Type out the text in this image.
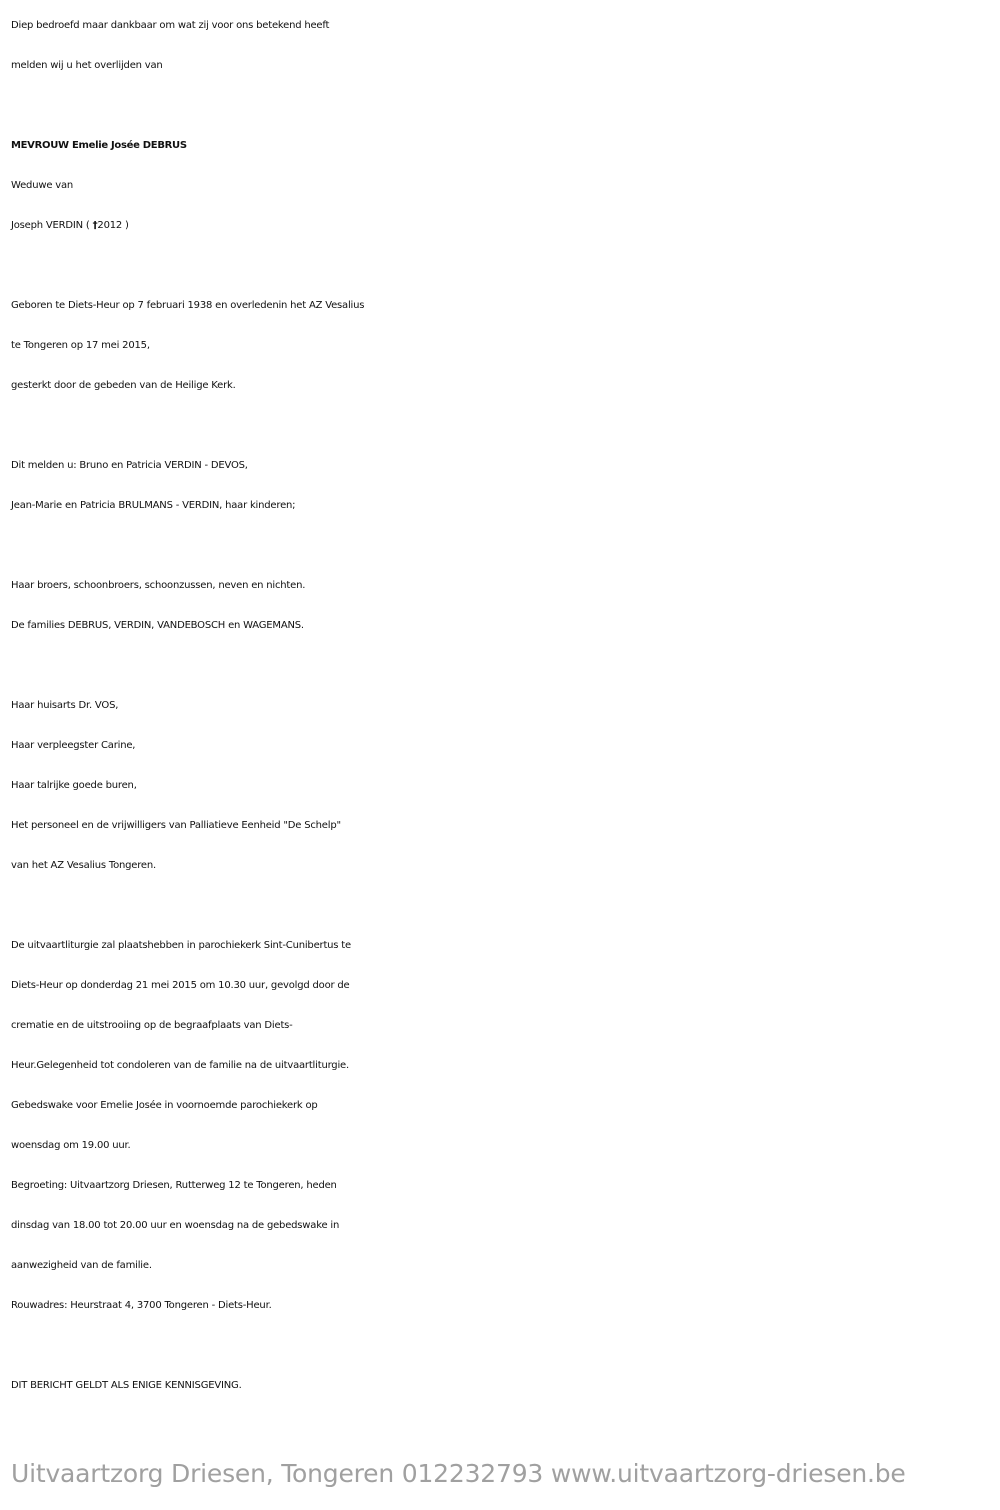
Diep bedroefd maar dankbaar om wat zij voor ons betekend heeft
melden wij u het overlijden van
MEVROUW Emelie Josée DEBRUS
Weduwe van
Joseph VERDIN ( †2012 )
Geboren te Diets-Heur op 7 februari 1938 en overledenin het AZ Vesalius
te Tongeren op 17 mei 2015,
gesterkt door de gebeden van de Heilige Kerk.
Dit melden u: Bruno en Patricia VERDIN - DEVOS,
Jean-Marie en Patricia BRULMANS - VERDIN, haar kinderen;
Haar broers, schoonbroers, schoonzussen, neven en nichten.
De families DEBRUS, VERDIN, VANDEBOSCH en WAGEMANS.
Haar huisarts Dr. VOS,
Haar verpleegster Carine,
Haar talrijke goede buren,
Het personeel en de vrijwilligers van Palliatieve Eenheid "De Schelp"
van het AZ Vesalius Tongeren.
De uitvaartliturgie zal plaatshebben in parochiekerk Sint-Cunibertus te
Diets-Heur op donderdag 21 mei 2015 om 10.30 uur, gevolgd door de
crematie en de uitstrooiing op de begraafplaats van Diets-
Heur.Gelegenheid tot condoleren van de familie na de uitvaartliturgie.
Gebedswake voor Emelie Josée in voornoemde parochiekerk op
woensdag om 19.00 uur.
Begroeting: Uitvaartzorg Driesen, Rutterweg 12 te Tongeren, heden
dinsdag van 18.00 tot 20.00 uur en woensdag na de gebedswake in
aanwezigheid van de familie.
Rouwadres: Heurstraat 4, 3700 Tongeren - Diets-Heur.
DIT BERICHT GELDT ALS ENIGE KENNISGEVING.
Uitvaartzorg Driesen, Tongeren 012232793 www.uitvaartzorg-driesen.be
